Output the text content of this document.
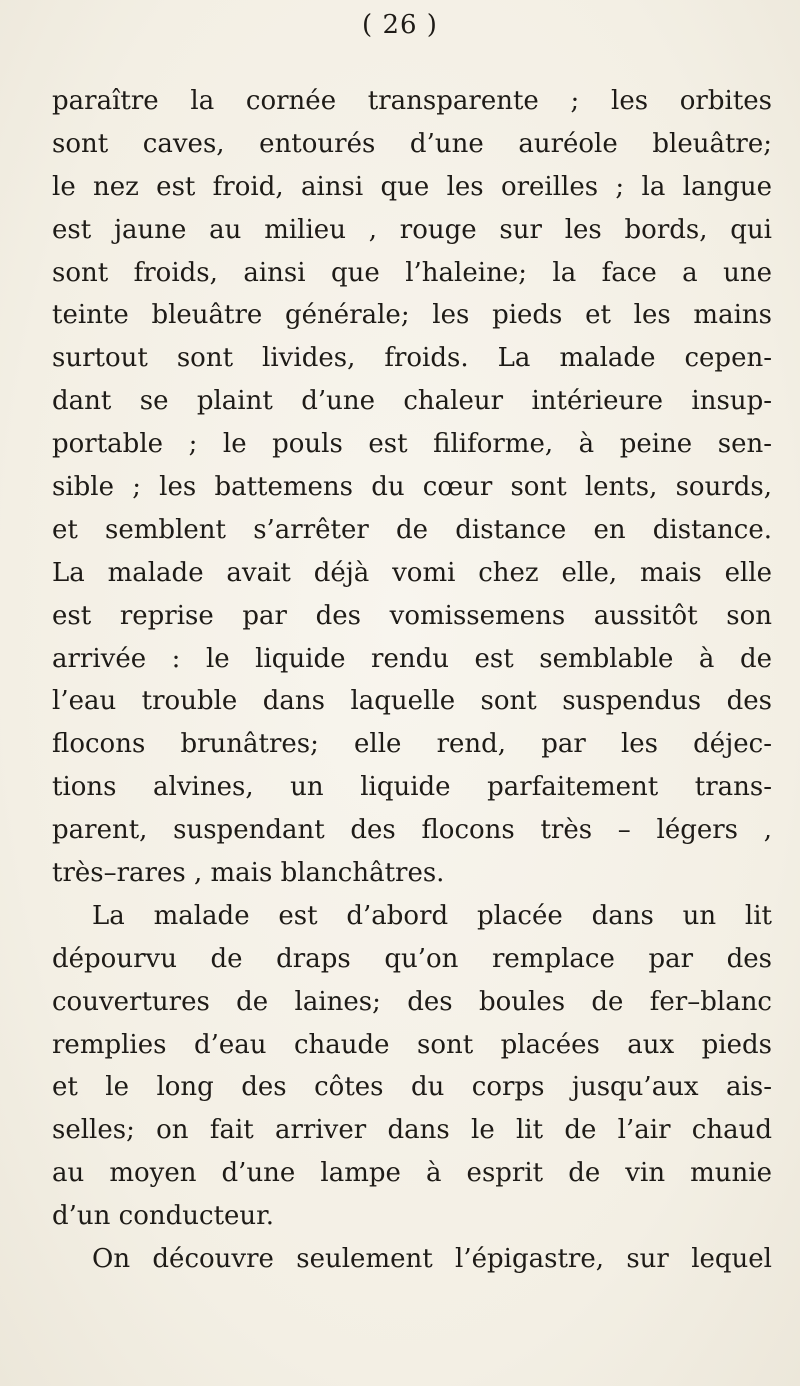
( 26 )
paraître la cornée transparente ; les orbites
sont caves, entourés d’une auréole bleuâtre;
le nez est froid, ainsi que les oreilles ; la langue
est jaune au milieu , rouge sur les bords, qui
sont froids, ainsi que l’haleine; la face a une
teinte bleuâtre générale; les pieds et les mains
surtout sont livides, froids. La malade cepen-
dant se plaint d’une chaleur intérieure insup-
portable ; le pouls est filiforme, à peine sen-
sible ; les battemens du cœur sont lents, sourds,
et semblent s’arrêter de distance en distance.
La malade avait déjà vomi chez elle, mais elle
est reprise par des vomissemens aussitôt son
arrivée : le liquide rendu est semblable à de
l’eau trouble dans laquelle sont suspendus des
flocons brunâtres; elle rend, par les déjec-
tions alvines, un liquide parfaitement trans-
parent, suspendant des flocons très – légers ,
très–rares , mais blanchâtres.
La malade est d’abord placée dans un lit
dépourvu de draps qu’on remplace par des
couvertures de laines; des boules de fer–blanc
remplies d’eau chaude sont placées aux pieds
et le long des côtes du corps jusqu’aux ais-
selles; on fait arriver dans le lit de l’air chaud
au moyen d’une lampe à esprit de vin munie
d’un conducteur.
On découvre seulement l’épigastre, sur lequel
